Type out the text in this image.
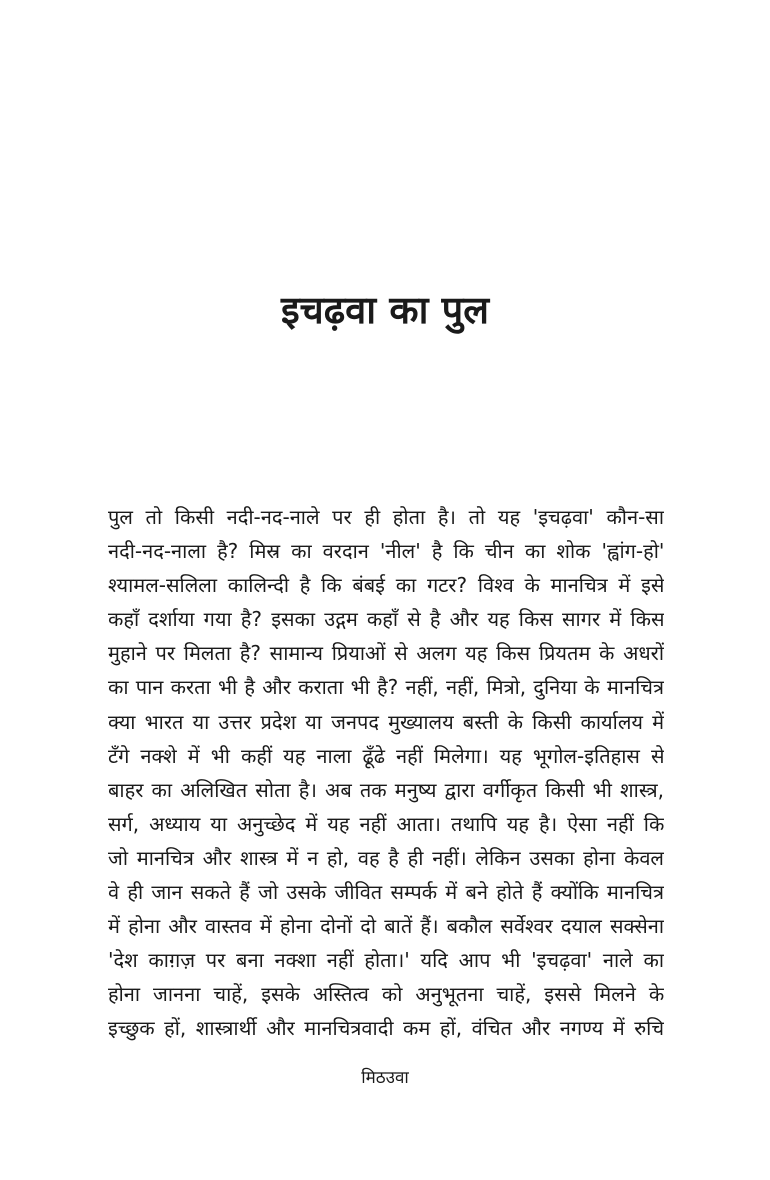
इचढ़वा का पुल

पुल तो किसी नदी-नद-नाले पर ही होता है। तो यह 'इचढ़वा' कौन-सा
नदी-नद-नाला है? मिस्र का वरदान 'नील' है कि चीन का शोक 'ह्वांग-हो'
श्यामल-सलिला कालिन्दी है कि बंबई का गटर? विश्व के मानचित्र में इसे
कहाँ दर्शाया गया है? इसका उद्गम कहाँ से है और यह किस सागर में किस
मुहाने पर मिलता है? सामान्य प्रियाओं से अलग यह किस प्रियतम के अधरों
का पान करता भी है और कराता भी है? नहीं, नहीं, मित्रो, दुनिया के मानचित्र
क्या भारत या उत्तर प्रदेश या जनपद मुख्यालय बस्ती के किसी कार्यालय में
टँगे नक्शे में भी कहीं यह नाला ढूँढे नहीं मिलेगा। यह भूगोल-इतिहास से
बाहर का अलिखित सोता है। अब तक मनुष्य द्वारा वर्गीकृत किसी भी शास्त्र,
सर्ग, अध्याय या अनुच्छेद में यह नहीं आता। तथापि यह है। ऐसा नहीं कि
जो मानचित्र और शास्त्र में न हो, वह है ही नहीं। लेकिन उसका होना केवल
वे ही जान सकते हैं जो उसके जीवित सम्पर्क में बने होते हैं क्योंकि मानचित्र
में होना और वास्तव में होना दोनों दो बातें हैं। बकौल सर्वेश्वर दयाल सक्सेना
'देश काग़ज़ पर बना नक्शा नहीं होता।' यदि आप भी 'इचढ़वा' नाले का
होना जानना चाहें, इसके अस्तित्व को अनुभूतना चाहें, इससे मिलने के
इच्छुक हों, शास्त्रार्थी और मानचित्रवादी कम हों, वंचित और नगण्य में रुचि

मिठउवा
